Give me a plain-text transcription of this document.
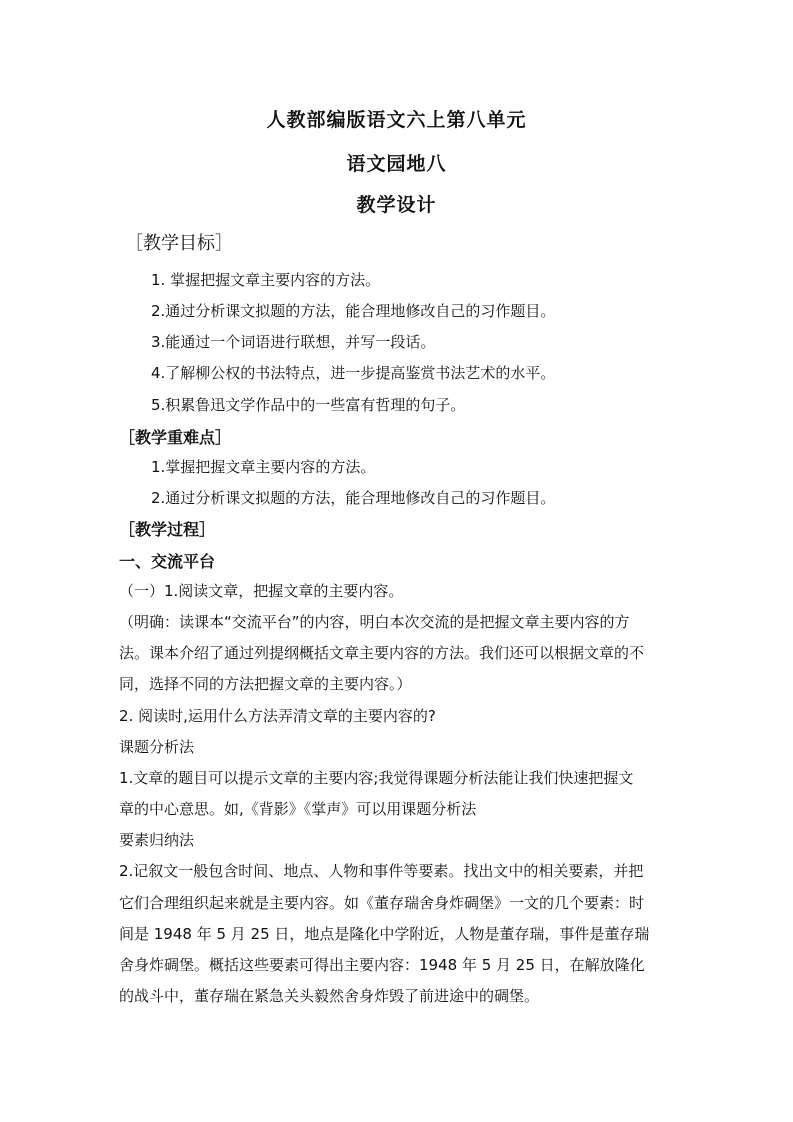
人教部编版语文六上第八单元
语文园地八
教学设计
［教学目标］
1. 掌握把握文章主要内容的方法。
2.通过分析课文拟题的方法，能合理地修改自己的习作题目。
3.能通过一个词语进行联想，并写一段话。
4.了解柳公权的书法特点，进一步提高鉴赏书法艺术的水平。
5.积累鲁迅文学作品中的一些富有哲理的句子。
［教学重难点］
1.掌握把握文章主要内容的方法。
2.通过分析课文拟题的方法，能合理地修改自己的习作题目。
［教学过程］
一、交流平台
（一）1.阅读文章，把握文章的主要内容。
（明确：读课本“交流平台”的内容，明白本次交流的是把握文章主要内容的方
法。课本介绍了通过列提纲概括文章主要内容的方法。我们还可以根据文章的不
同，选择不同的方法把握文章的主要内容。）
2. 阅读时,运用什么方法弄清文章的主要内容的?
课题分析法
1.文章的题目可以提示文章的主要内容;我觉得课题分析法能让我们快速把握文
章的中心意思。如,《背影》《掌声》可以用课题分析法
要素归纳法
2.记叙文一般包含时间、地点、人物和事件等要素。找出文中的相关要素，并把
它们合理组织起来就是主要内容。如《董存瑞舍身炸碉堡》一文的几个要素：时
间是 1948 年 5 月 25 日，地点是隆化中学附近，人物是董存瑞，事件是董存瑞
舍身炸碉堡。概括这些要素可得出主要内容：1948 年 5 月 25 日，在解放隆化
的战斗中，董存瑞在紧急关头毅然舍身炸毁了前进途中的碉堡。
